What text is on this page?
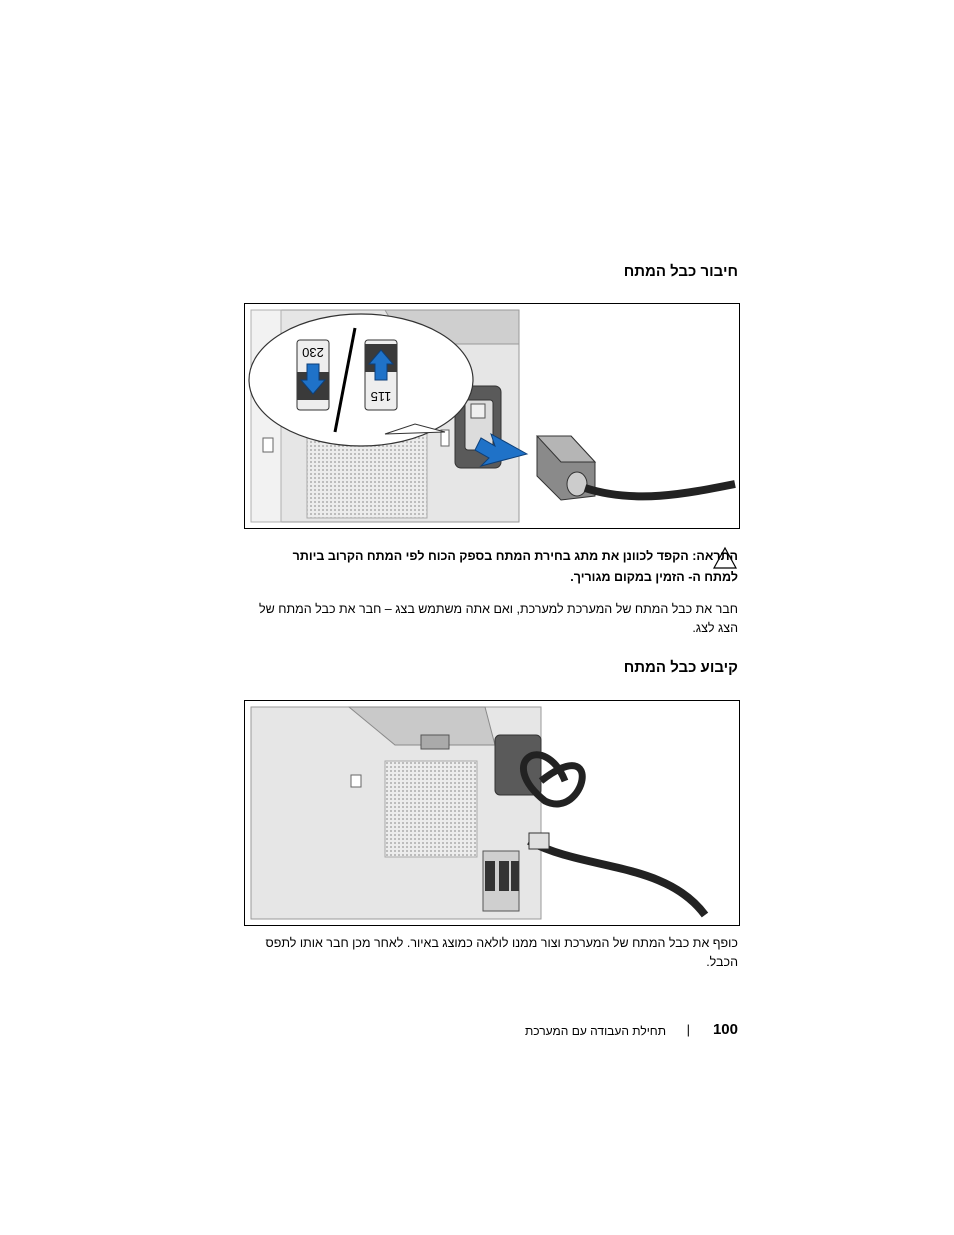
חיבור כבל המתח
230
115
התראה: הקפד לכוונן את מתג בחירת המתח בספק הכוח לפי המתח הקרוב ביותר למתח ה- הזמין במקום מגוריך.
חבר את כבל המתח של המערכת למערכת, ואם אתה משתמש בצג – חבר את כבל המתח של הצג לצג.
קיבוע כבל המתח
כופף את כבל המתח של המערכת וצור ממנו לולאה כמוצג באיור. לאחר מכן חבר אותו לתפס הכבל.
100
|
תחילת העבודה עם המערכת
